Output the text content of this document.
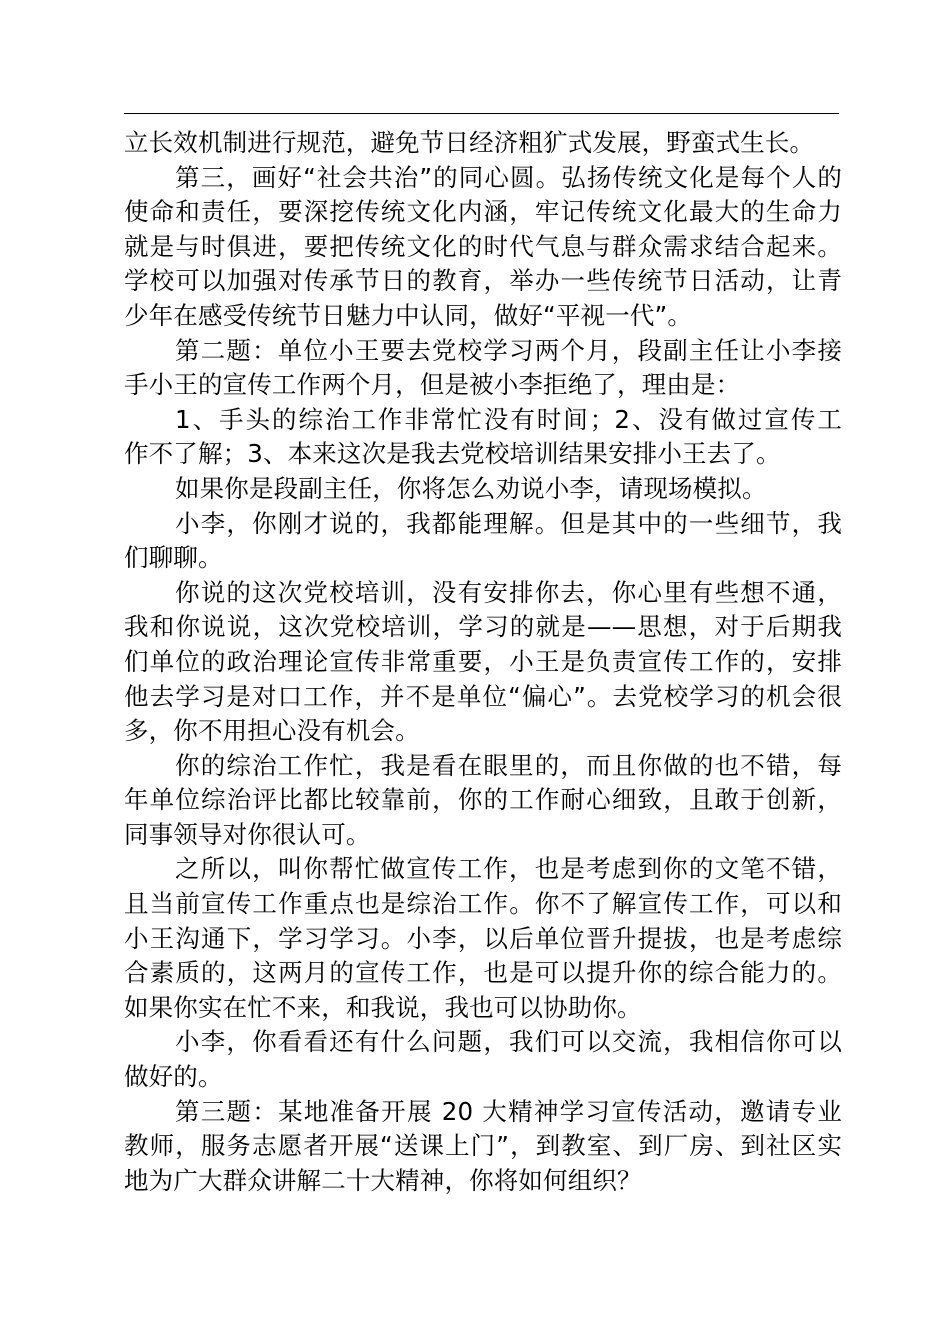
立长效机制进行规范，避免节日经济粗犷式发展，野蛮式生长。
第三，画好“社会共治”的同心圆。弘扬传统文化是每个人的
使命和责任，要深挖传统文化内涵，牢记传统文化最大的生命力
就是与时俱进，要把传统文化的时代气息与群众需求结合起来。
学校可以加强对传承节日的教育，举办一些传统节日活动，让青
少年在感受传统节日魅力中认同，做好“平视一代”。
第二题：单位小王要去党校学习两个月，段副主任让小李接
手小王的宣传工作两个月，但是被小李拒绝了，理由是：
1、手头的综治工作非常忙没有时间；2、没有做过宣传工
作不了解；3、本来这次是我去党校培训结果安排小王去了。
如果你是段副主任，你将怎么劝说小李，请现场模拟。
小李，你刚才说的，我都能理解。但是其中的一些细节，我
们聊聊。
你说的这次党校培训，没有安排你去，你心里有些想不通，
我和你说说，这次党校培训，学习的就是——思想，对于后期我
们单位的政治理论宣传非常重要，小王是负责宣传工作的，安排
他去学习是对口工作，并不是单位“偏心”。去党校学习的机会很
多，你不用担心没有机会。
你的综治工作忙，我是看在眼里的，而且你做的也不错，每
年单位综治评比都比较靠前，你的工作耐心细致，且敢于创新，
同事领导对你很认可。
之所以，叫你帮忙做宣传工作，也是考虑到你的文笔不错，
且当前宣传工作重点也是综治工作。你不了解宣传工作，可以和
小王沟通下，学习学习。小李，以后单位晋升提拔，也是考虑综
合素质的，这两月的宣传工作，也是可以提升你的综合能力的。
如果你实在忙不来，和我说，我也可以协助你。
小李，你看看还有什么问题，我们可以交流，我相信你可以
做好的。
第三题：某地准备开展 20 大精神学习宣传活动，邀请专业
教师，服务志愿者开展“送课上门”，到教室、到厂房、到社区实
地为广大群众讲解二十大精神，你将如何组织？
